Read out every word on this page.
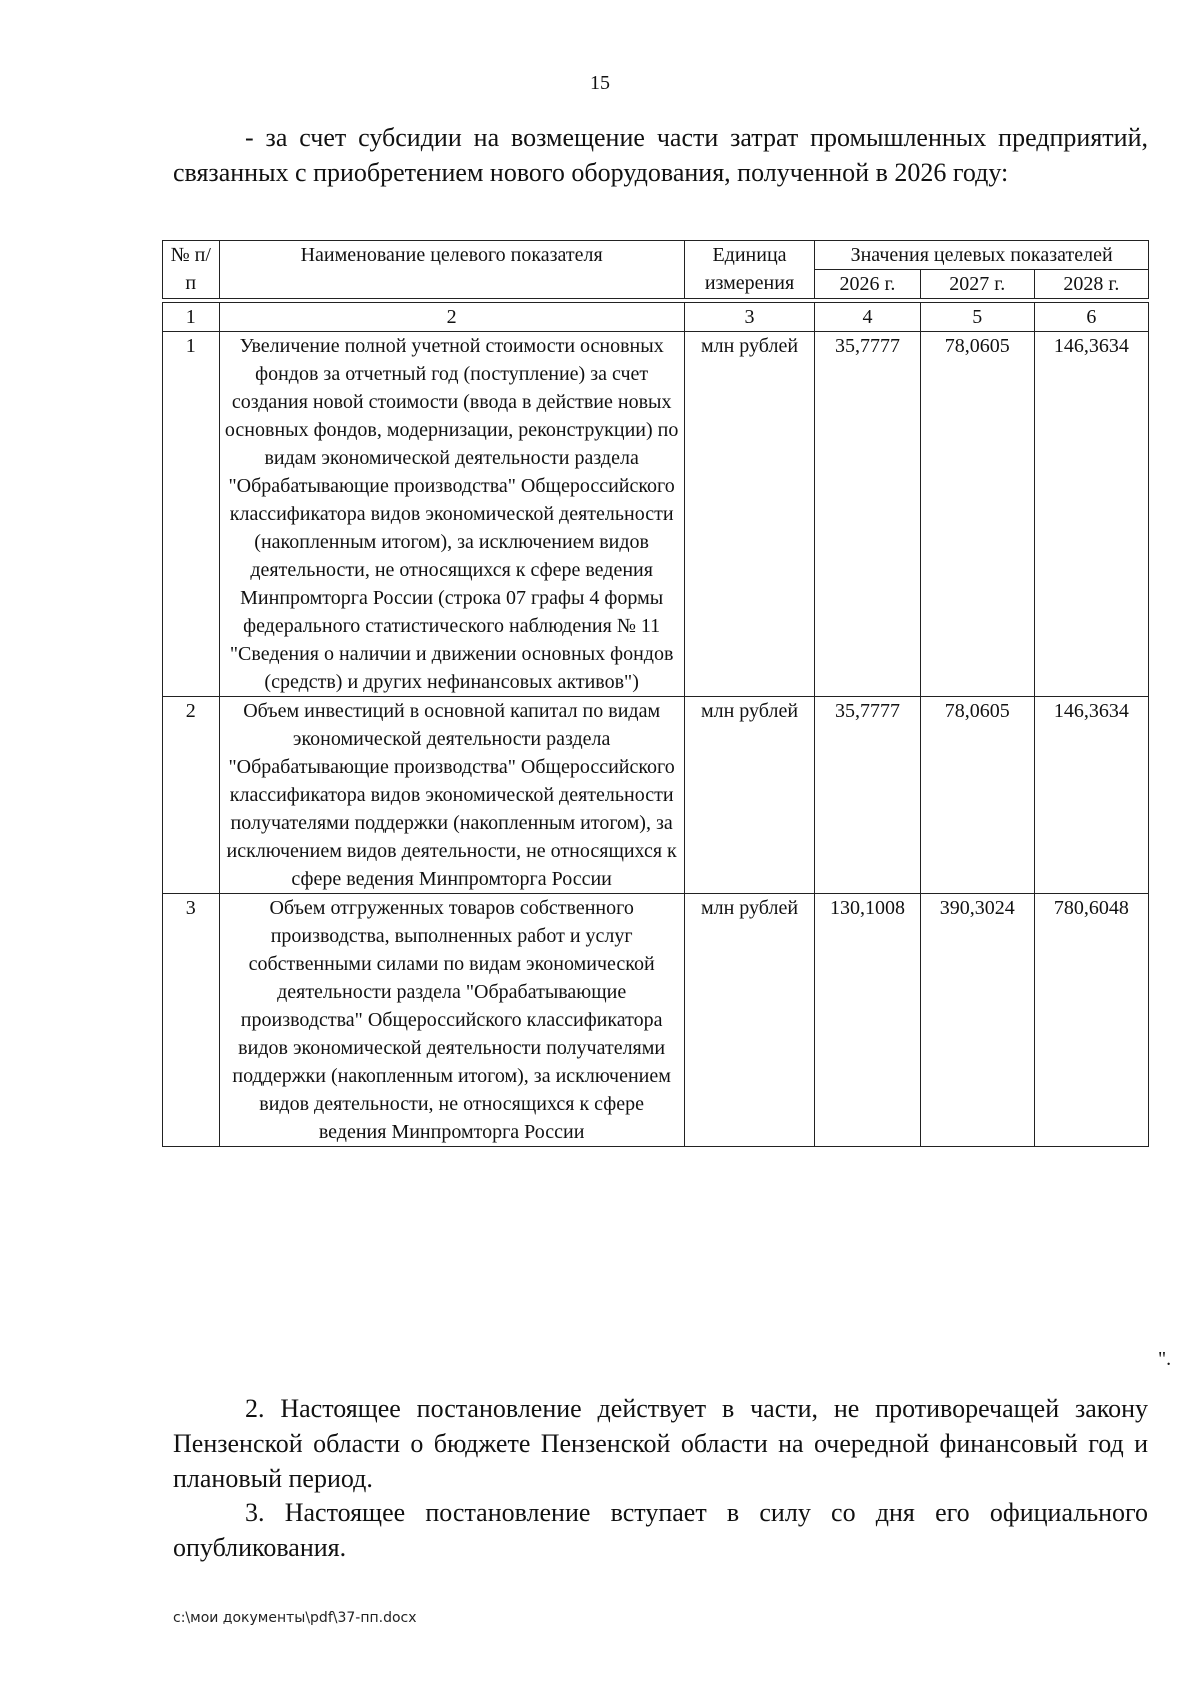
15
- за счет субсидии на возмещение части затрат промышленных предприятий, связанных с приобретением нового оборудования, полученной в 2026 году:
№ п/п	Наименование целевого показателя	Единица измерения	Значения целевых показателей		
			2026 г.	2027 г.	2028 г.

1	2	3	4	5	6
1	Увеличение полной учетной стоимости основных фондов за отчетный год (поступление) за счет создания новой стоимости (ввода в действие новых основных фондов, модернизации, реконструкции) по видам экономической деятельности раздела "Обрабатывающие производства" Общероссийского классификатора видов экономической деятельности (накопленным итогом), за исключением видов деятельности, не относящихся к сфере ведения Минпромторга России (строка 07 графы 4 формы федерального статистического наблюдения № 11 "Сведения о наличии и движении основных фондов (средств) и других нефинансовых активов")	млн рублей	35,7777	78,0605	146,3634
2	Объем инвестиций в основной капитал по видам экономической деятельности раздела "Обрабатывающие производства" Общероссийского классификатора видов экономической деятельности получателями поддержки (накопленным итогом), за исключением видов деятельности, не относящихся к сфере ведения Минпромторга России	млн рублей	35,7777	78,0605	146,3634
3	Объем отгруженных товаров собственного производства, выполненных работ и услуг собственными силами по видам экономической деятельности раздела "Обрабатывающие производства" Общероссийского классификатора видов экономической деятельности получателями поддержки (накопленным итогом), за исключением видов деятельности, не относящихся к сфере ведения Минпромторга России	млн рублей	130,1008	390,3024	780,6048
".
2. Настоящее постановление действует в части, не противоречащей закону Пензенской области о бюджете Пензенской области на очередной финансовый год и плановый период.
3. Настоящее постановление вступает в силу со дня его официального опубликования.
c:\мои документы\pdf\37-пп.docx
